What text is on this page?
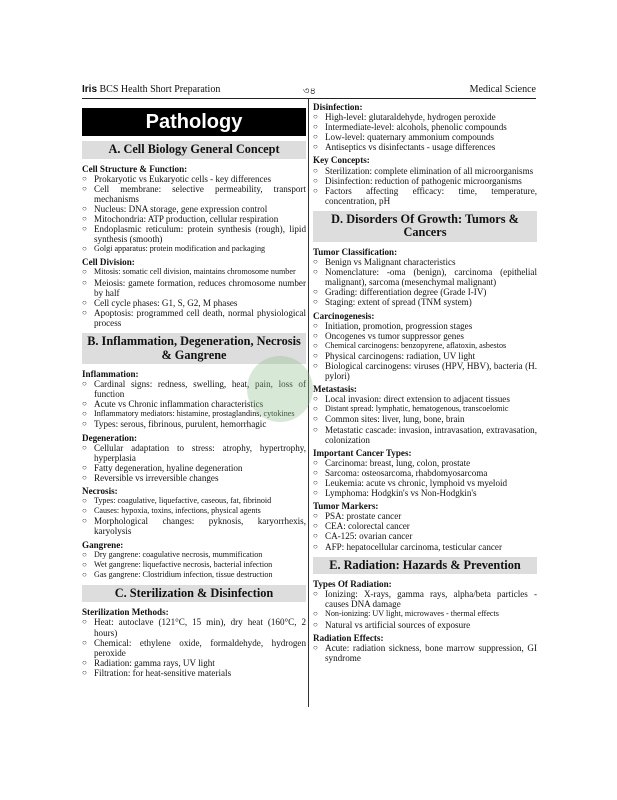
Iris BCS Health Short Preparation	৩৪	Medical Science
Pathology
A. Cell Biology General Concept
Cell Structure & Function:
○ Prokaryotic vs Eukaryotic cells - key differences
○ Cell membrane: selective permeability, transport mechanisms
○ Nucleus: DNA storage, gene expression control
○ Mitochondria: ATP production, cellular respiration
○ Endoplasmic reticulum: protein synthesis (rough), lipid synthesis (smooth)
○ Golgi apparatus: protein modification and packaging
Cell Division:
○ Mitosis: somatic cell division, maintains chromosome number
○ Meiosis: gamete formation, reduces chromosome number by half
○ Cell cycle phases: G1, S, G2, M phases
○ Apoptosis: programmed cell death, normal physiological process
B. Inflammation, Degeneration, Necrosis & Gangrene
Inflammation:
○ Cardinal signs: redness, swelling, heat, pain, loss of function
○ Acute vs Chronic inflammation characteristics
○ Inflammatory mediators: histamine, prostaglandins, cytokines
○ Types: serous, fibrinous, purulent, hemorrhagic
Degeneration:
○ Cellular adaptation to stress: atrophy, hypertrophy, hyperplasia
○ Fatty degeneration, hyaline degeneration
○ Reversible vs irreversible changes
Necrosis:
○ Types: coagulative, liquefactive, caseous, fat, fibrinoid
○ Causes: hypoxia, toxins, infections, physical agents
○ Morphological changes: pyknosis, karyorrhexis, karyolysis
Gangrene:
○ Dry gangrene: coagulative necrosis, mummification
○ Wet gangrene: liquefactive necrosis, bacterial infection
○ Gas gangrene: Clostridium infection, tissue destruction
C. Sterilization & Disinfection
Sterilization Methods:
○ Heat: autoclave (121°C, 15 min), dry heat (160°C, 2 hours)
○ Chemical: ethylene oxide, formaldehyde, hydrogen peroxide
○ Radiation: gamma rays, UV light
○ Filtration: for heat-sensitive materials
Disinfection:
○ High-level: glutaraldehyde, hydrogen peroxide
○ Intermediate-level: alcohols, phenolic compounds
○ Low-level: quaternary ammonium compounds
○ Antiseptics vs disinfectants - usage differences
Key Concepts:
○ Sterilization: complete elimination of all microorganisms
○ Disinfection: reduction of pathogenic microorganisms
○ Factors affecting efficacy: time, temperature, concentration, pH
D. Disorders Of Growth: Tumors & Cancers
Tumor Classification:
○ Benign vs Malignant characteristics
○ Nomenclature: -oma (benign), carcinoma (epithelial malignant), sarcoma (mesenchymal malignant)
○ Grading: differentiation degree (Grade I-IV)
○ Staging: extent of spread (TNM system)
Carcinogenesis:
○ Initiation, promotion, progression stages
○ Oncogenes vs tumor suppressor genes
○ Chemical carcinogens: benzopyrene, aflatoxin, asbestos
○ Physical carcinogens: radiation, UV light
○ Biological carcinogens: viruses (HPV, HBV), bacteria (H. pylori)
Metastasis:
○ Local invasion: direct extension to adjacent tissues
○ Distant spread: lymphatic, hematogenous, transcoelomic
○ Common sites: liver, lung, bone, brain
○ Metastatic cascade: invasion, intravasation, extravasation, colonization
Important Cancer Types:
○ Carcinoma: breast, lung, colon, prostate
○ Sarcoma: osteosarcoma, rhabdomyosarcoma
○ Leukemia: acute vs chronic, lymphoid vs myeloid
○ Lymphoma: Hodgkin's vs Non-Hodgkin's
Tumor Markers:
○ PSA: prostate cancer
○ CEA: colorectal cancer
○ CA-125: ovarian cancer
○ AFP: hepatocellular carcinoma, testicular cancer
E. Radiation: Hazards & Prevention
Types Of Radiation:
○ Ionizing: X-rays, gamma rays, alpha/beta particles - causes DNA damage
○ Non-ionizing: UV light, microwaves - thermal effects
○ Natural vs artificial sources of exposure
Radiation Effects:
○ Acute: radiation sickness, bone marrow suppression, GI syndrome
